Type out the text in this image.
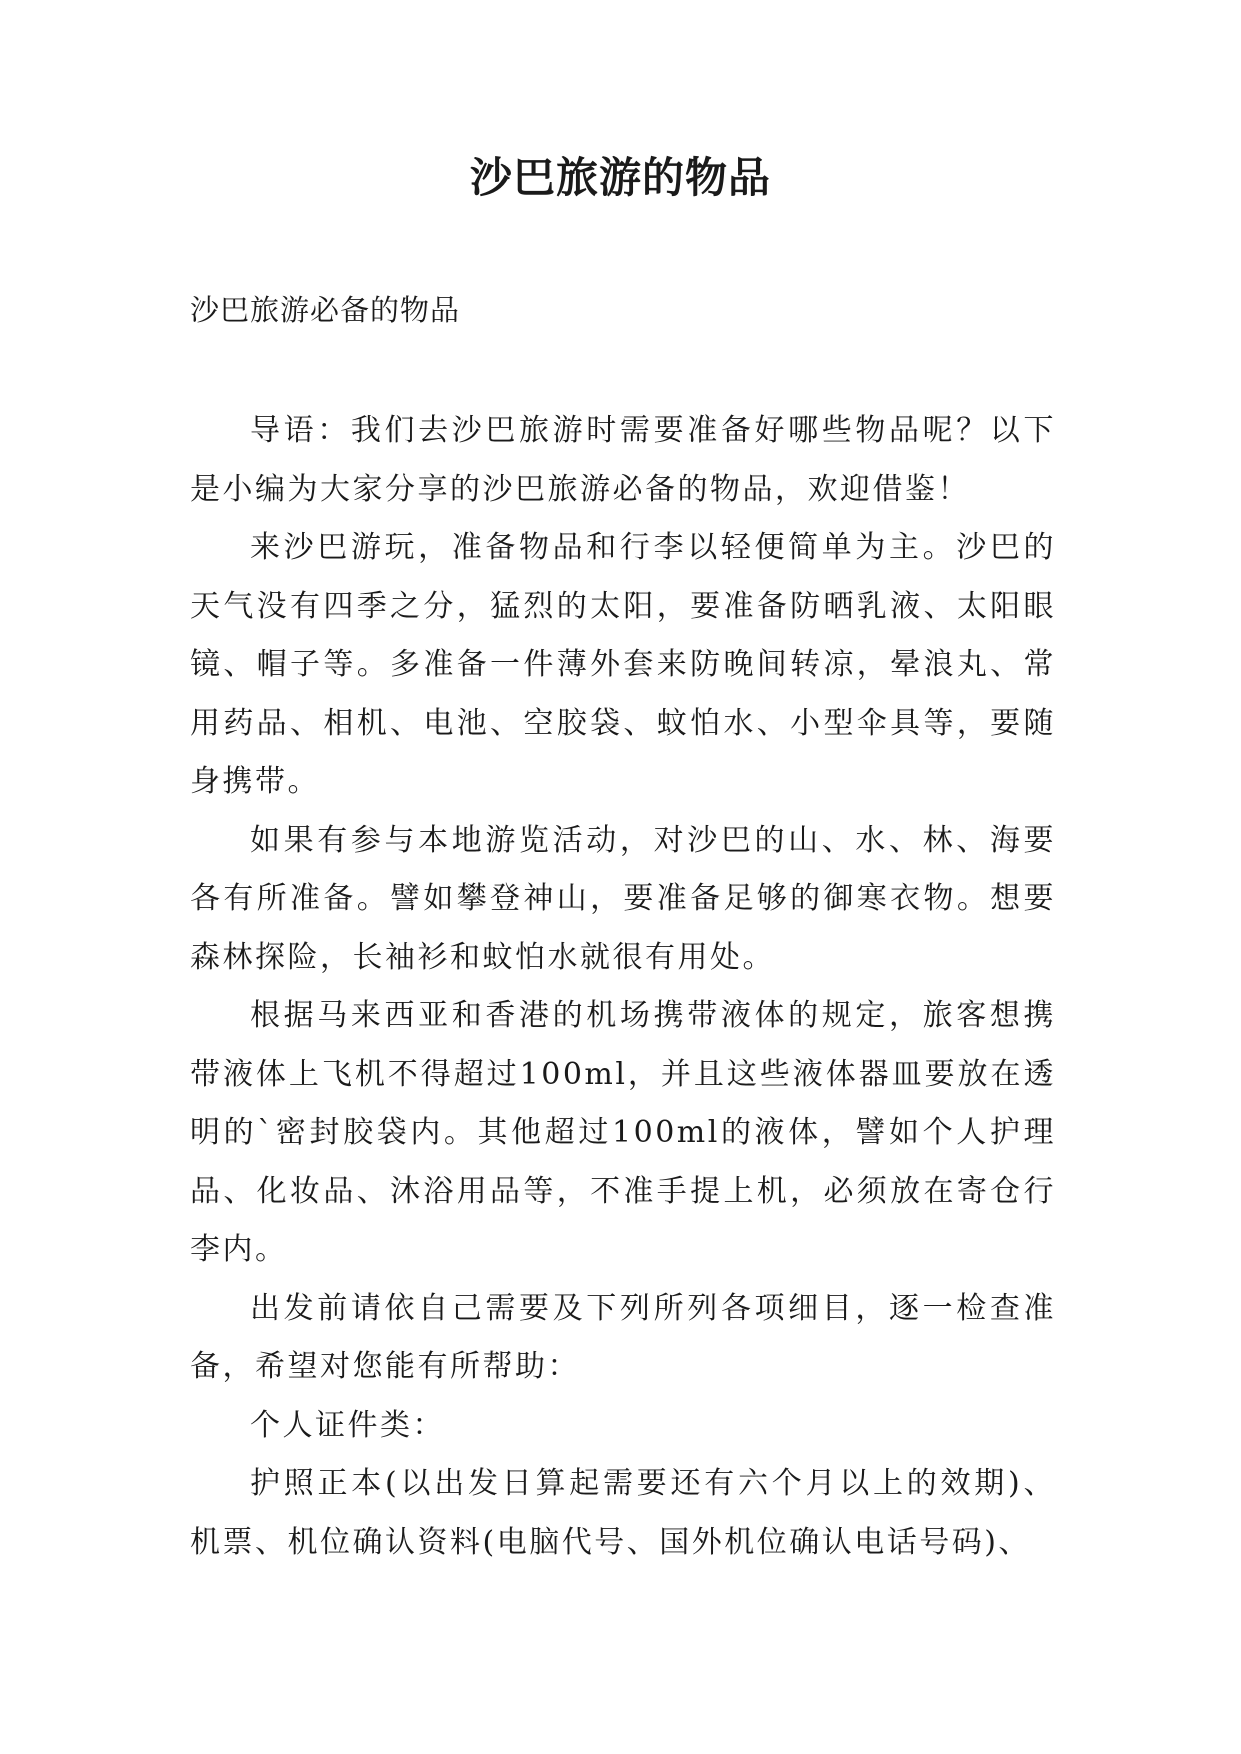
沙巴旅游的物品

沙巴旅游必备的物品

导语：我们去沙巴旅游时需要准备好哪些物品呢？以下是小编为大家分享的沙巴旅游必备的物品，欢迎借鉴！

来沙巴游玩，准备物品和行李以轻便简单为主。沙巴的天气没有四季之分，猛烈的太阳，要准备防晒乳液、太阳眼镜、帽子等。多准备一件薄外套来防晚间转凉，晕浪丸、常用药品、相机、电池、空胶袋、蚊怕水、小型伞具等，要随身携带。

如果有参与本地游览活动，对沙巴的山、水、林、海要各有所准备。譬如攀登神山，要准备足够的御寒衣物。想要森林探险，长袖衫和蚊怕水就很有用处。

根据马来西亚和香港的机场携带液体的规定，旅客想携带液体上飞机不得超过100ml，并且这些液体器皿要放在透明的`密封胶袋内。其他超过100ml的液体，譬如个人护理品、化妆品、沐浴用品等，不准手提上机，必须放在寄仓行李内。

出发前请依自己需要及下列所列各项细目，逐一检查准备，希望对您能有所帮助：

个人证件类：

护照正本(以出发日算起需要还有六个月以上的效期)、机票、机位确认资料(电脑代号、国外机位确认电话号码)、
